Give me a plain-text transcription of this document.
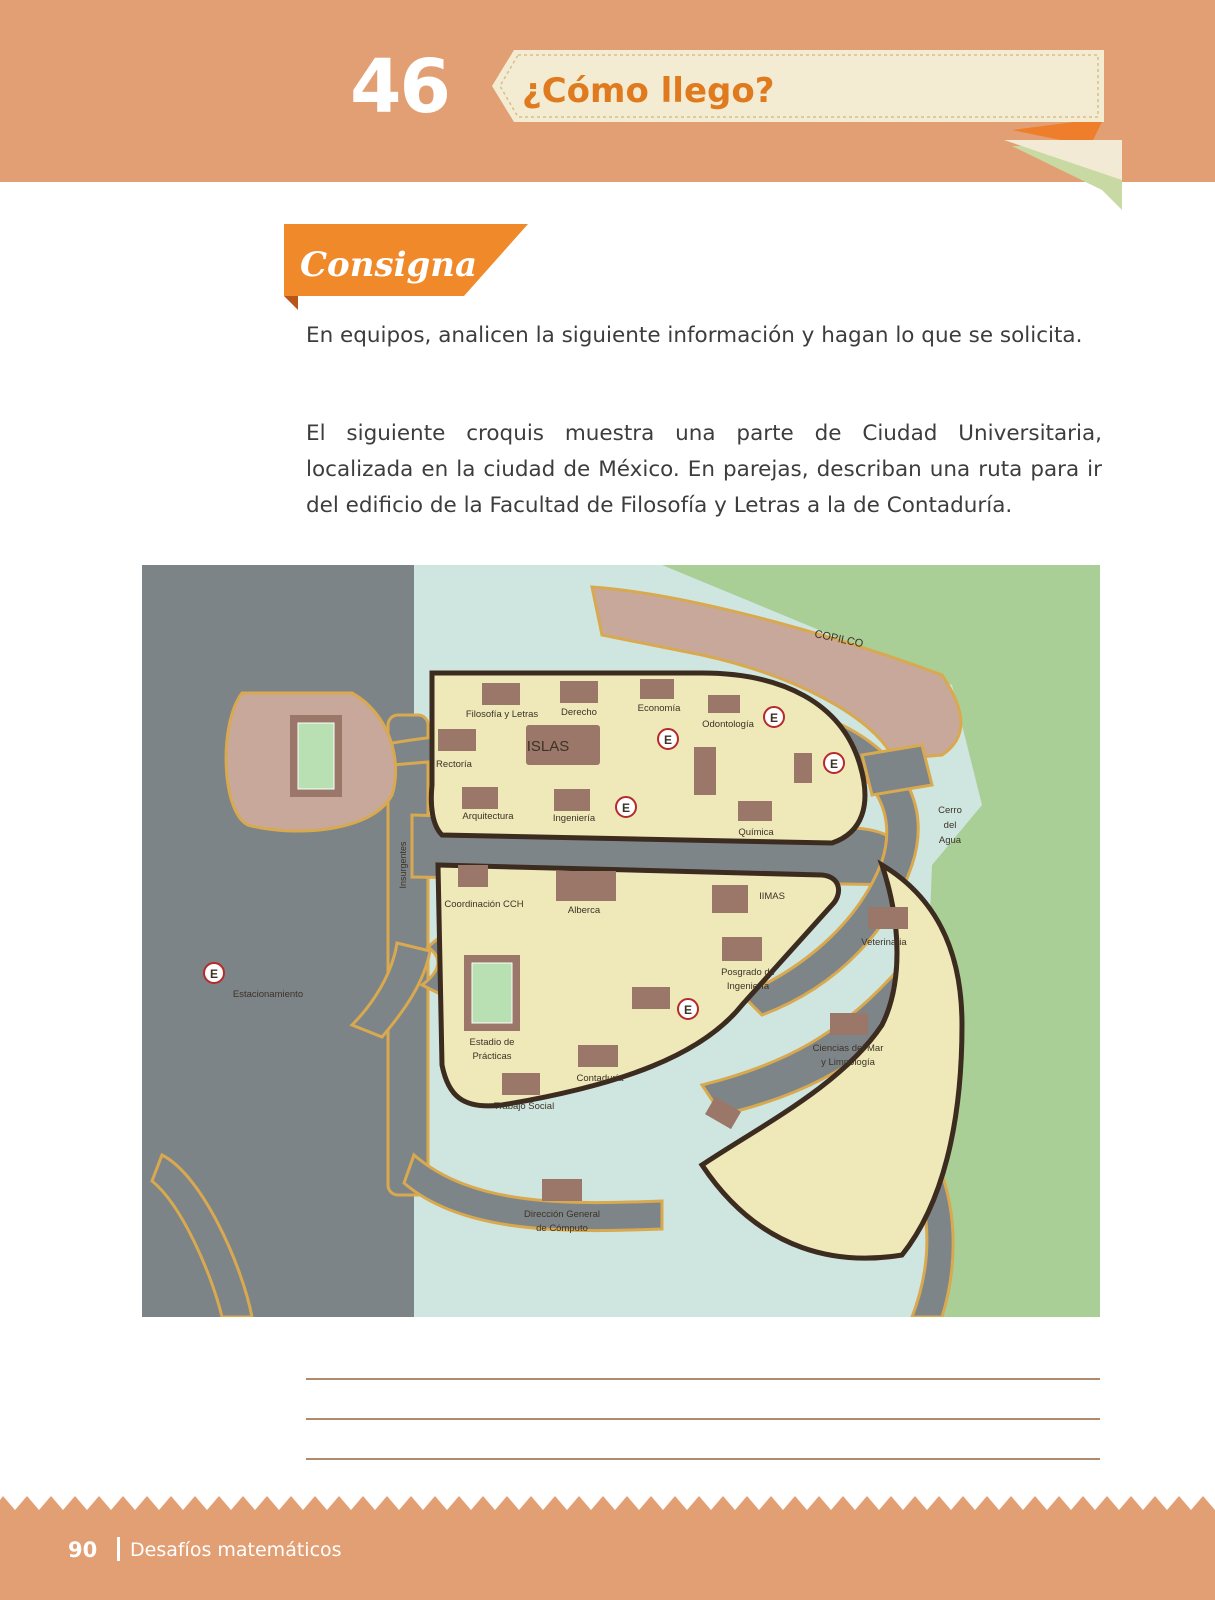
46	¿Cómo llego?
Consigna

En equipos, analicen la siguiente información y hagan lo que se solicita.

El siguiente croquis muestra una parte de Ciudad Universitaria, localizada en la ciudad de México. En parejas, describan una ruta para ir del edificio de la Facultad de Filosofía y Letras a la de Contaduría.

COPILCO
Cerro
del
Agua
Filosofía y Letras Derecho	Economía
Odontología
Rectoría
Arquitectura	Ingeniería
Química
Coordinación CCH
Alberca
IIMAS
Veterinaria
Posgrado de
Ingeniería
Estadio de
Prácticas
Contaduría
Trabajo Social
Ciencias del Mar
y Limnología
Dirección General
de Cómputo
Estacionamiento
ISLAS
Insurgentes
E
E
E
E
E
E
90 Desafíos matemáticos
